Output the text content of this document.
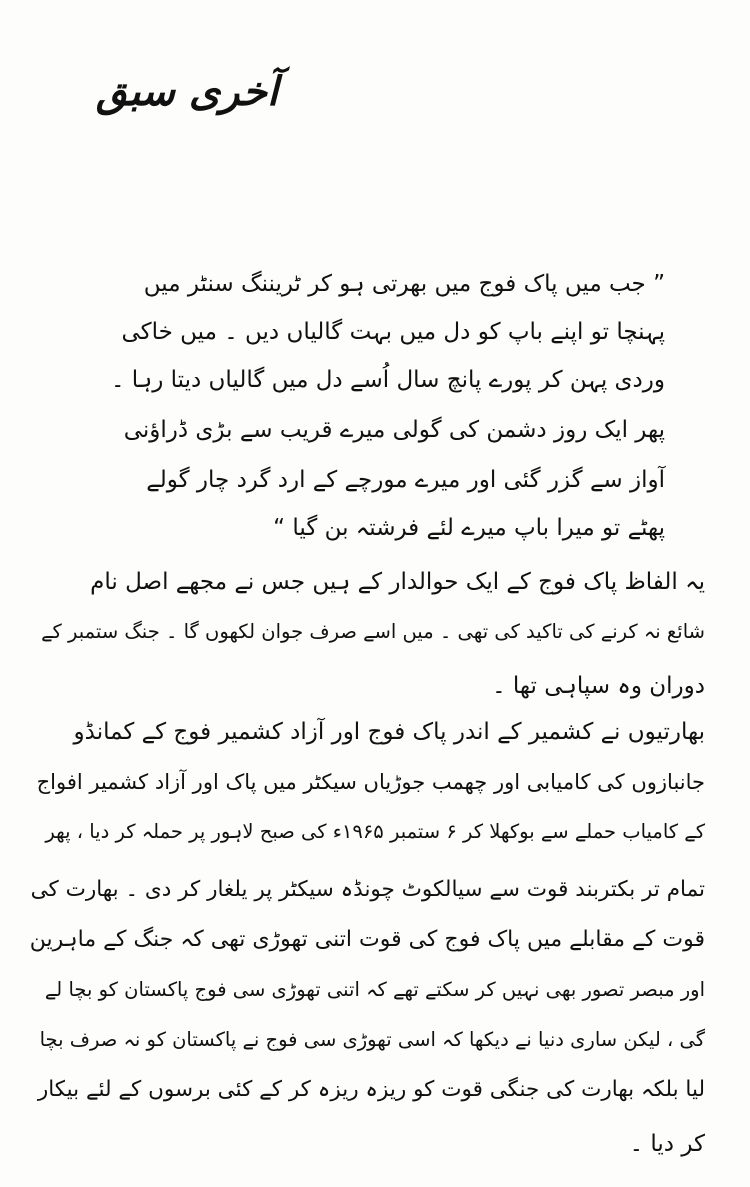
آخری سبق
” جب میں پاک فوج میں بھرتی ہو کر ٹریننگ سنٹر میں
پہنچا تو اپنے باپ کو دل میں بہت گالیاں دیں ۔ میں خاکی
وردی پہن کر پورے پانچ سال اُسے دل میں گالیاں دیتا رہا ۔
پھر ایک روز دشمن کی گولی میرے قریب سے بڑی ڈراؤنی
آواز سے گزر گئی اور میرے مورچے کے ارد گرد چار گولے
پھٹے تو میرا باپ میرے لئے فرشتہ بن گیا “
یہ الفاظ پاک فوج کے ایک حوالدار کے ہیں جس نے مجھے اصل نام
شائع نہ کرنے کی تاکید کی تھی ۔ میں اسے صرف جوان لکھوں گا ۔ جنگ ستمبر کے
دوران وہ سپاہی تھا ۔
بھارتیوں نے کشمیر کے اندر پاک فوج اور آزاد کشمیر فوج کے کمانڈو
جانبازوں کی کامیابی اور چھمب جوڑیاں سیکٹر میں پاک اور آزاد کشمیر افواج
کے کامیاب حملے سے بوکھلا کر ۶ ستمبر ۱۹۶۵ء کی صبح لاہور پر حملہ کر دیا ، پھر
تمام تر بکتربند قوت سے سیالکوٹ چونڈہ سیکٹر پر یلغار کر دی ۔ بھارت کی
قوت کے مقابلے میں پاک فوج کی قوت اتنی تھوڑی تھی کہ جنگ کے ماہرین
اور مبصر تصور بھی نہیں کر سکتے تھے کہ اتنی تھوڑی سی فوج پاکستان کو بچا لے
گی ، لیکن ساری دنیا نے دیکھا کہ اسی تھوڑی سی فوج نے پاکستان کو نہ صرف بچا
لیا بلکہ بھارت کی جنگی قوت کو ریزہ ریزہ کر کے کئی برسوں کے لئے بیکار
کر دیا ۔
